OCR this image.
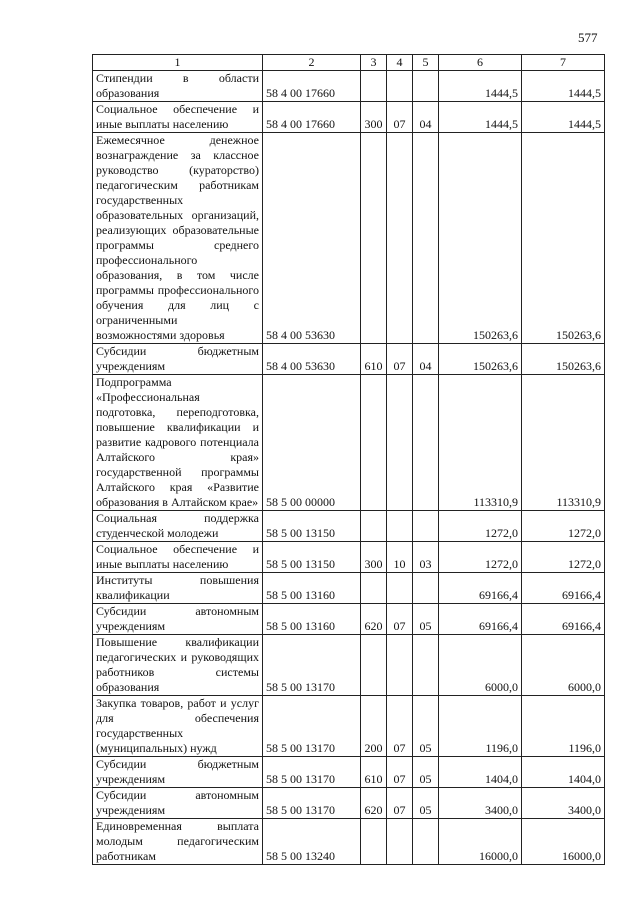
577
1	2	3	4	5	6	7
Стипендии в области образования	58 4 00 17660				1444,5	1444,5
Социальное обеспечение и иные выплаты населению	58 4 00 17660	300	07	04	1444,5	1444,5
Ежемесячное денежное вознаграждение за классное руководство (кураторство) педагогическим работникам государственных образовательных организаций, реализующих образовательные программы среднего профессионального образования, в том числе программы профессионального обучения для лиц с ограниченными возможностями здоровья	58 4 00 53630				150263,6	150263,6
Субсидии бюджетным учреждениям	58 4 00 53630	610	07	04	150263,6	150263,6
Подпрограмма «Профессиональная подготовка, переподготовка, повышение квалификации и развитие кадрового потенциала Алтайского края» государственной программы Алтайского края «Развитие образования в Алтайском крае»	58 5 00 00000				113310,9	113310,9
Социальная поддержка студенческой молодежи	58 5 00 13150				1272,0	1272,0
Социальное обеспечение и иные выплаты населению	58 5 00 13150	300	10	03	1272,0	1272,0
Институты повышения квалификации	58 5 00 13160				69166,4	69166,4
Субсидии автономным учреждениям	58 5 00 13160	620	07	05	69166,4	69166,4
Повышение квалификации педагогических и руководящих работников системы образования	58 5 00 13170				6000,0	6000,0
Закупка товаров, работ и услуг для обеспечения государственных (муниципальных) нужд	58 5 00 13170	200	07	05	1196,0	1196,0
Субсидии бюджетным учреждениям	58 5 00 13170	610	07	05	1404,0	1404,0
Субсидии автономным учреждениям	58 5 00 13170	620	07	05	3400,0	3400,0
Единовременная выплата молодым педагогическим работникам	58 5 00 13240				16000,0	16000,0
